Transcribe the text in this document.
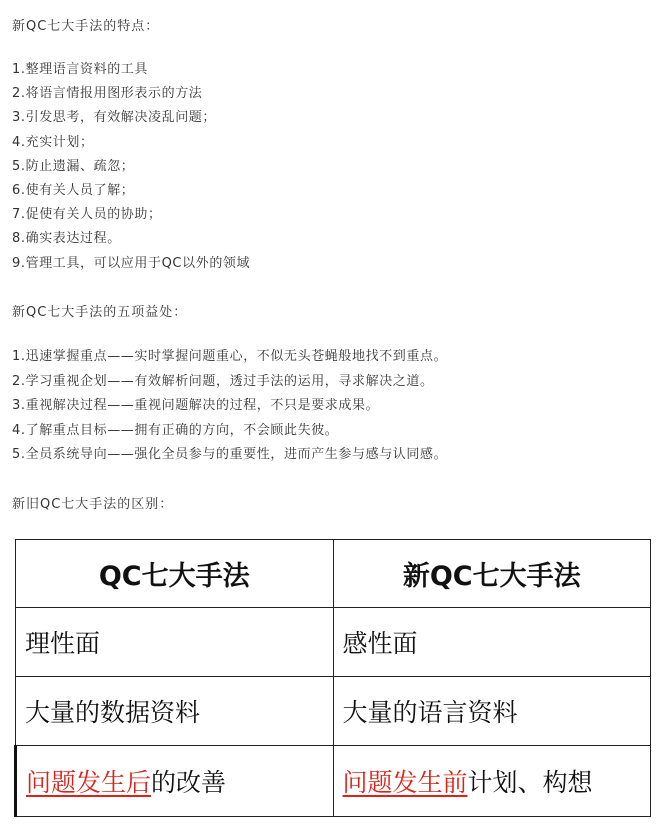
新QC七大手法的特点：
1.整理语言资料的工具
2.将语言情报用图形表示的方法
3.引发思考，有效解决凌乱问题；
4.充实计划；
5.防止遗漏、疏忽；
6.使有关人员了解；
7.促使有关人员的协助；
8.确实表达过程。
9.管理工具，可以应用于QC以外的领域
新QC七大手法的五项益处：
1.迅速掌握重点——实时掌握问题重心，不似无头苍蝇般地找不到重点。
2.学习重视企划——有效解析问题，透过手法的运用，寻求解决之道。
3.重视解决过程——重视问题解决的过程，不只是要求成果。
4.了解重点目标——拥有正确的方向，不会顾此失彼。
5.全员系统导向——强化全员参与的重要性，进而产生参与感与认同感。
新旧QC七大手法的区别：
QC七大手法	新QC七大手法
理性面	感性面
大量的数据资料	大量的语言资料
问题发生后的改善	问题发生前计划、构想
